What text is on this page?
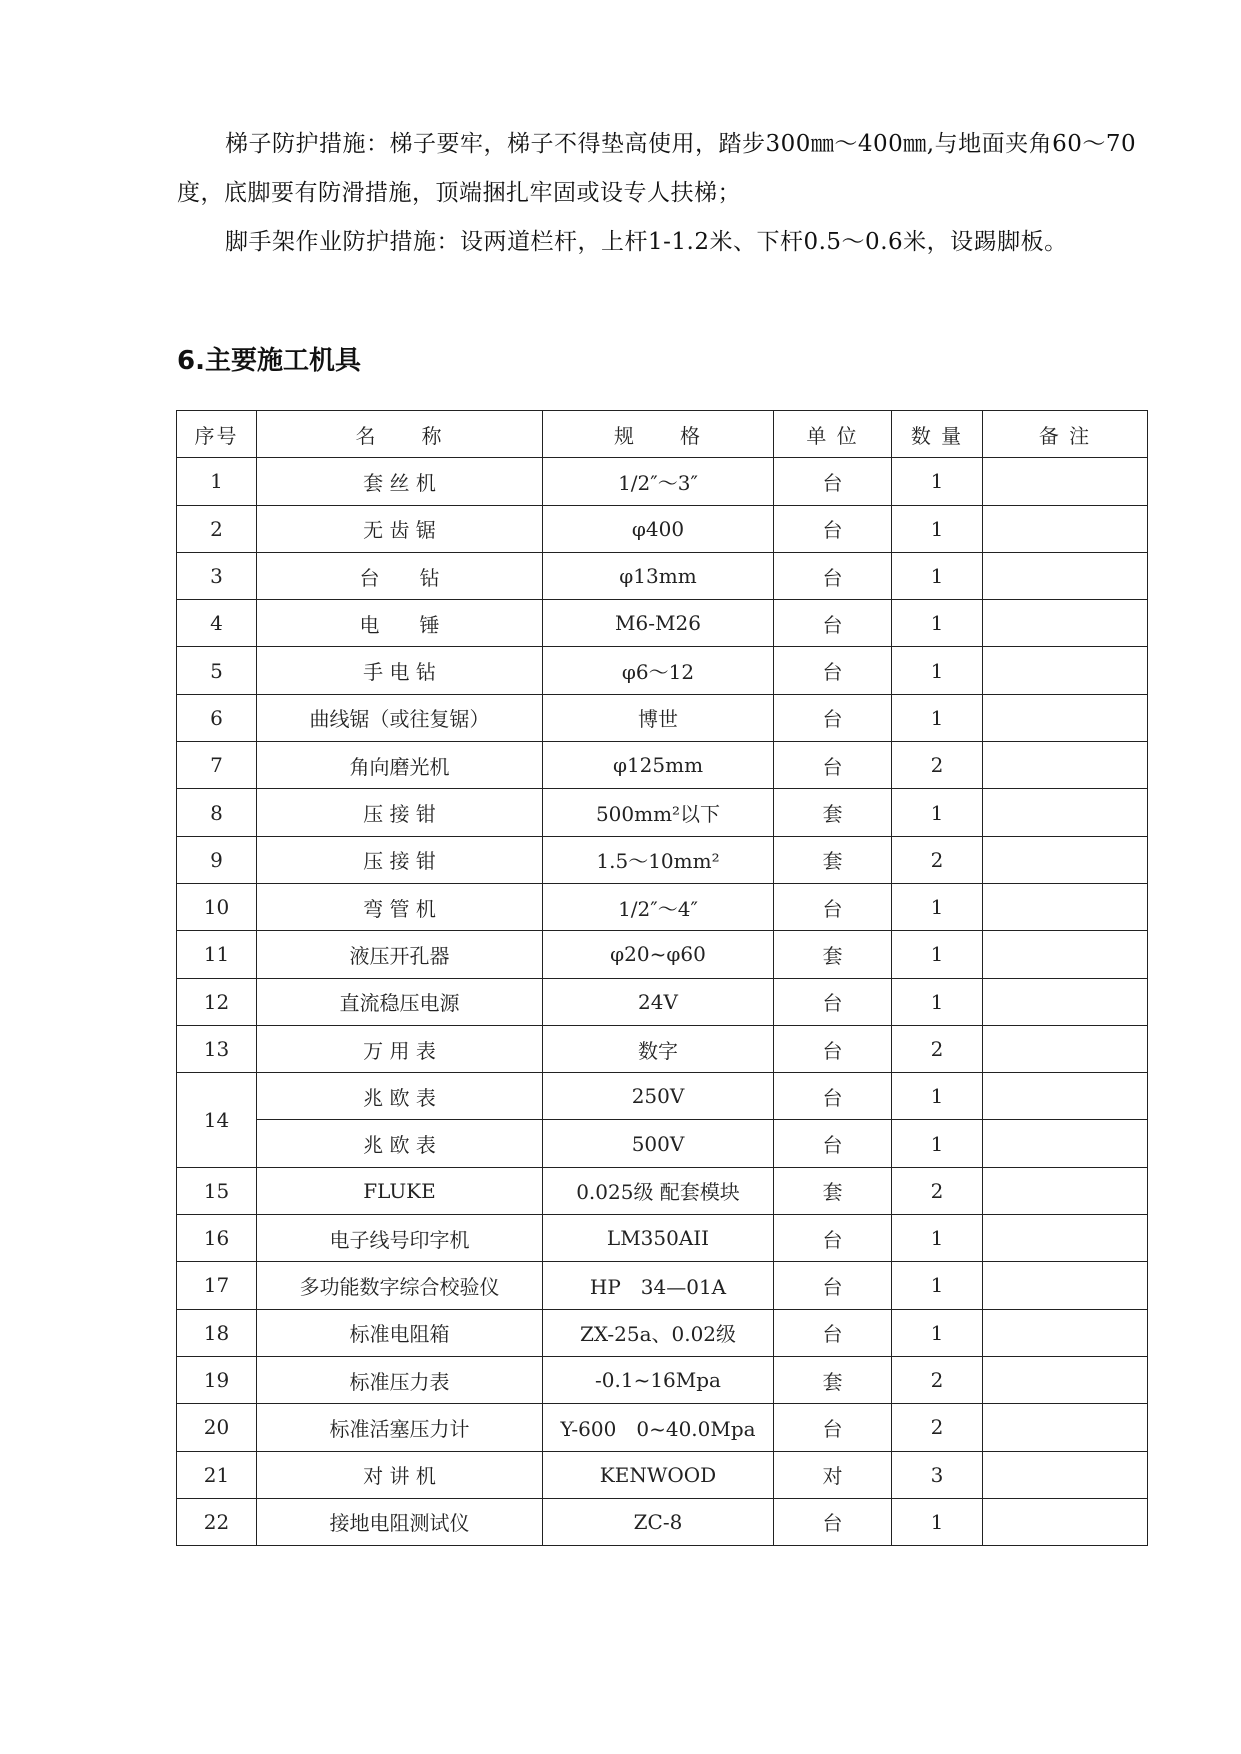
梯子防护措施：梯子要牢，梯子不得垫高使用，踏步300㎜～400㎜,与地面夹角60～70度，底脚要有防滑措施，顶端捆扎牢固或设专人扶梯；

脚手架作业防护措施：设两道栏杆，上杆1-1.2米、下杆0.5～0.6米，设踢脚板。

6.主要施工机具
序号	名　　称	规　　格	单 位	数 量	备 注
1	套 丝 机	1/2″～3″	台	1	
2	无 齿 锯	φ400	台	1	
3	台　　钻	φ13mm	台	1	
4	电　　锤	M6-M26	台	1	
5	手 电 钻	φ6～12	台	1	
6	曲线锯（或往复锯）	博世	台	1	
7	角向磨光机	φ125mm	台	2	
8	压 接 钳	500mm²以下	套	1	
9	压 接 钳	1.5～10mm²	套	2	
10	弯 管 机	1/2″～4″	台	1	
11	液压开孔器	φ20~φ60	套	1	
12	直流稳压电源	24V	台	1	
13	万 用 表	数字	台	2	
14	兆 欧 表	250V	台	1	
	兆 欧 表	500V	台	1	
15	FLUKE	0.025级 配套模块	套	2	
16	电子线号印字机	LM350AII	台	1	
17	多功能数字综合校验仪	HP　34—01A	台	1	
18	标准电阻箱	ZX-25a、0.02级	台	1	
19	标准压力表	-0.1~16Mpa	套	2	
20	标准活塞压力计	Y-600　0~40.0Mpa	台	2	
21	对 讲 机	KENWOOD	对	3	
22	接地电阻测试仪	ZC-8	台	1	
